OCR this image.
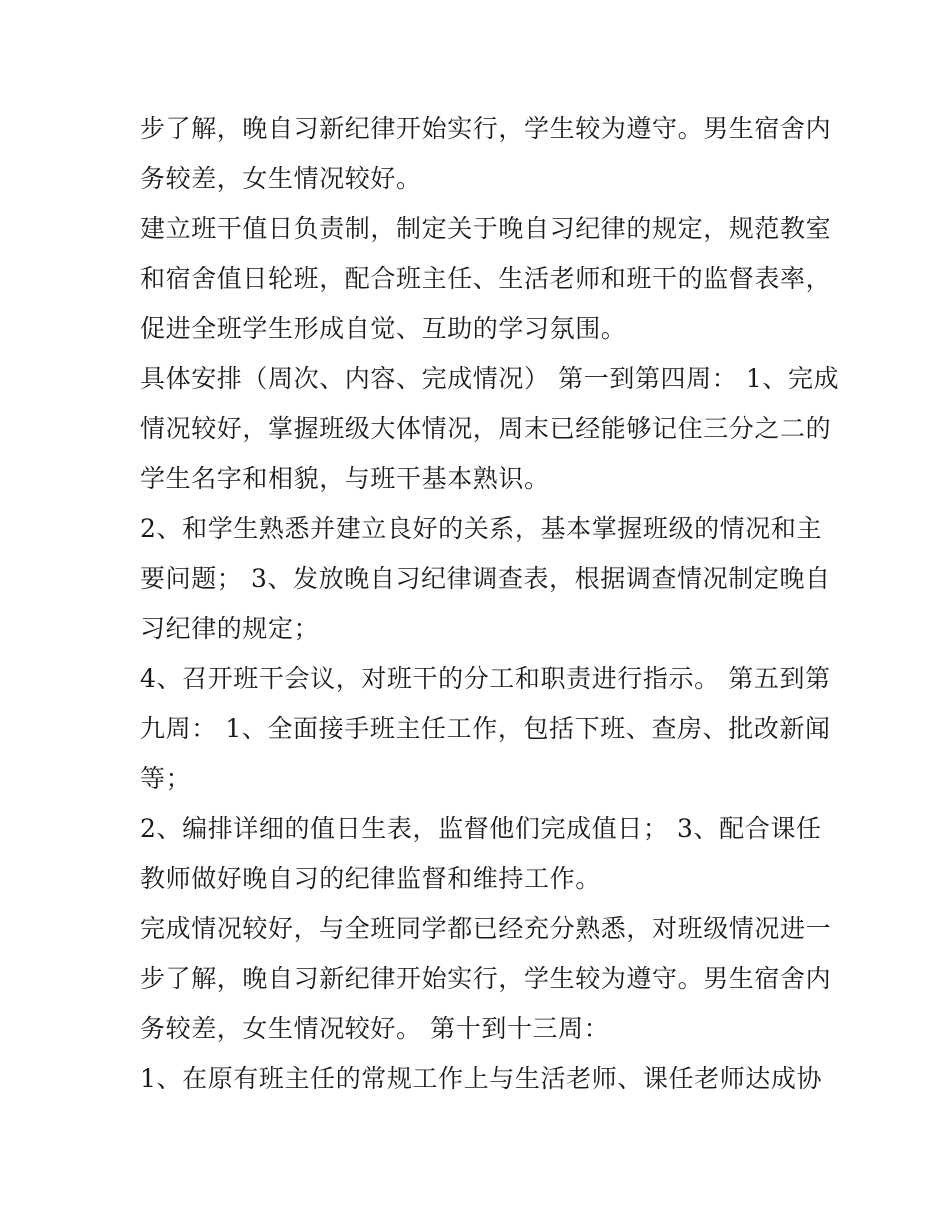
步了解，晚自习新纪律开始实行，学生较为遵守。男生宿舍内
务较差，女生情况较好。

建立班干值日负责制，制定关于晚自习纪律的规定，规范教室
和宿舍值日轮班，配合班主任、生活老师和班干的监督表率，
促进全班学生形成自觉、互助的学习氛围。

具体安排（周次、内容、完成情况） 第一到第四周： 1、完成
情况较好，掌握班级大体情况，周末已经能够记住三分之二的
学生名字和相貌，与班干基本熟识。

2、和学生熟悉并建立良好的关系，基本掌握班级的情况和主
要问题； 3、发放晚自习纪律调查表，根据调查情况制定晚自
习纪律的规定；

4、召开班干会议，对班干的分工和职责进行指示。 第五到第
九周： 1、全面接手班主任工作，包括下班、查房、批改新闻
等；

2、编排详细的值日生表，监督他们完成值日； 3、配合课任
教师做好晚自习的纪律监督和维持工作。

完成情况较好，与全班同学都已经充分熟悉，对班级情况进一
步了解，晚自习新纪律开始实行，学生较为遵守。男生宿舍内
务较差，女生情况较好。 第十到十三周：

1、在原有班主任的常规工作上与生活老师、课任老师达成协
